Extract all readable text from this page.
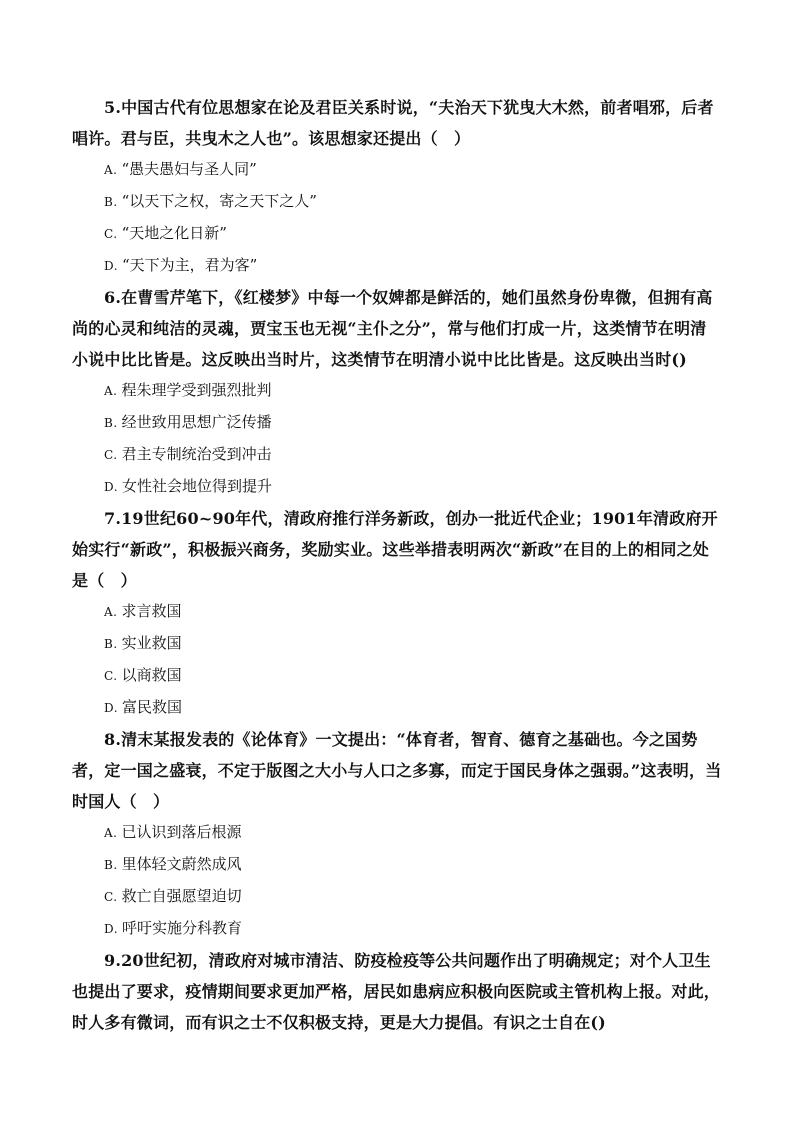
5.中国古代有位思想家在论及君臣关系时说，“夫治天下犹曳大木然，前者唱邪，后者唱许。君与臣，共曳木之人也”。该思想家还提出（　）

A. “愚夫愚妇与圣人同”
B. “以天下之权，寄之天下之人”
C. “天地之化日新”
D. “天下为主，君为客”

6.在曹雪芹笔下，《红楼梦》中每一个奴婢都是鲜活的，她们虽然身份卑微，但拥有高尚的心灵和纯洁的灵魂，贾宝玉也无视“主仆之分”，常与他们打成一片，这类情节在明清小说中比比皆是。这反映出当时片，这类情节在明清小说中比比皆是。这反映出当时()

A. 程朱理学受到强烈批判
B. 经世致用思想广泛传播
C. 君主专制统治受到冲击
D. 女性社会地位得到提升

7.19世纪60~90年代，清政府推行洋务新政，创办一批近代企业；1901年清政府开始实行“新政”，积极振兴商务，奖励实业。这些举措表明两次“新政”在目的上的相同之处是（　）

A. 求言救国
B. 实业救国
C. 以商救国
D. 富民救国

8.清末某报发表的《论体育》一文提出：“体育者，智育、德育之基础也。今之国势者，定一国之盛衰，不定于版图之大小与人口之多寡，而定于国民身体之强弱。”这表明，当时国人（　）

A. 已认识到落后根源
B. 里体轻文蔚然成风
C. 救亡自强愿望迫切
D. 呼吁实施分科教育

9.20世纪初，清政府对城市清洁、防疫检疫等公共问题作出了明确规定；对个人卫生也提出了要求，疫情期间要求更加严格，居民如患病应积极向医院或主管机构上报。对此，时人多有微词，而有识之士不仅积极支持，更是大力提倡。有识之士自在()
